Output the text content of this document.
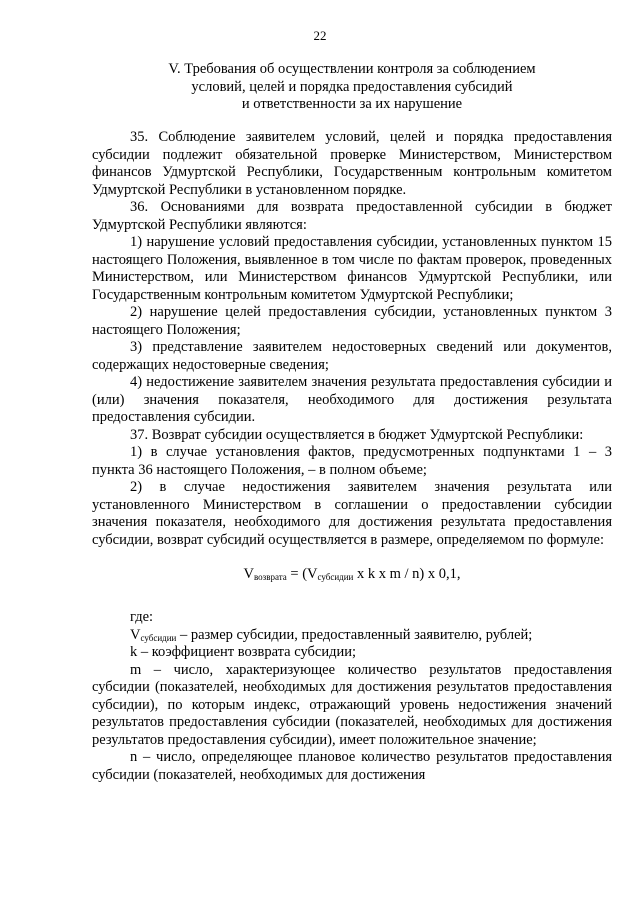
22
V. Требования об осуществлении контроля за соблюдением
условий, целей и порядка предоставления субсидий
и ответственности за их нарушение

35. Соблюдение заявителем условий, целей и порядка предоставления субсидии подлежит обязательной проверке Министерством, Министерством финансов Удмуртской Республики, Государственным контрольным комитетом Удмуртской Республики в установленном порядке.

36. Основаниями для возврата предоставленной субсидии в бюджет Удмуртской Республики являются:

1) нарушение условий предоставления субсидии, установленных пунктом 15 настоящего Положения, выявленное в том числе по фактам проверок, проведенных Министерством, или Министерством финансов Удмуртской Республики, или Государственным контрольным комитетом Удмуртской Республики;

2) нарушение целей предоставления субсидии, установленных пунктом 3 настоящего Положения;

3) представление заявителем недостоверных сведений или документов, содержащих недостоверные сведения;

4) недостижение заявителем значения результата предоставления субсидии и (или) значения показателя, необходимого для достижения результата предоставления субсидии.

37. Возврат субсидии осуществляется в бюджет Удмуртской Республики:

1) в случае установления фактов, предусмотренных подпунктами 1 – 3 пункта 36 настоящего Положения, – в полном объеме;

2) в случае недостижения заявителем значения результата или установленного Министерством в соглашении о предоставлении субсидии значения показателя, необходимого для достижения результата предоставления субсидии, возврат субсидий осуществляется в размере, определяемом по формуле:

$V_{возврата} = (V_{субсидии}$ x k x m / n) x 0,1,

где:

$V_{субсидии}$ – размер субсидии, предоставленный заявителю, рублей;

k – коэффициент возврата субсидии;

m – число, характеризующее количество результатов предоставления субсидии (показателей, необходимых для достижения результатов предоставления субсидии), по которым индекс, отражающий уровень недостижения значений результатов предоставления субсидии (показателей, необходимых для достижения результатов предоставления субсидии), имеет положительное значение;

n – число, определяющее плановое количество результатов предоставления субсидии (показателей, необходимых для достижения
